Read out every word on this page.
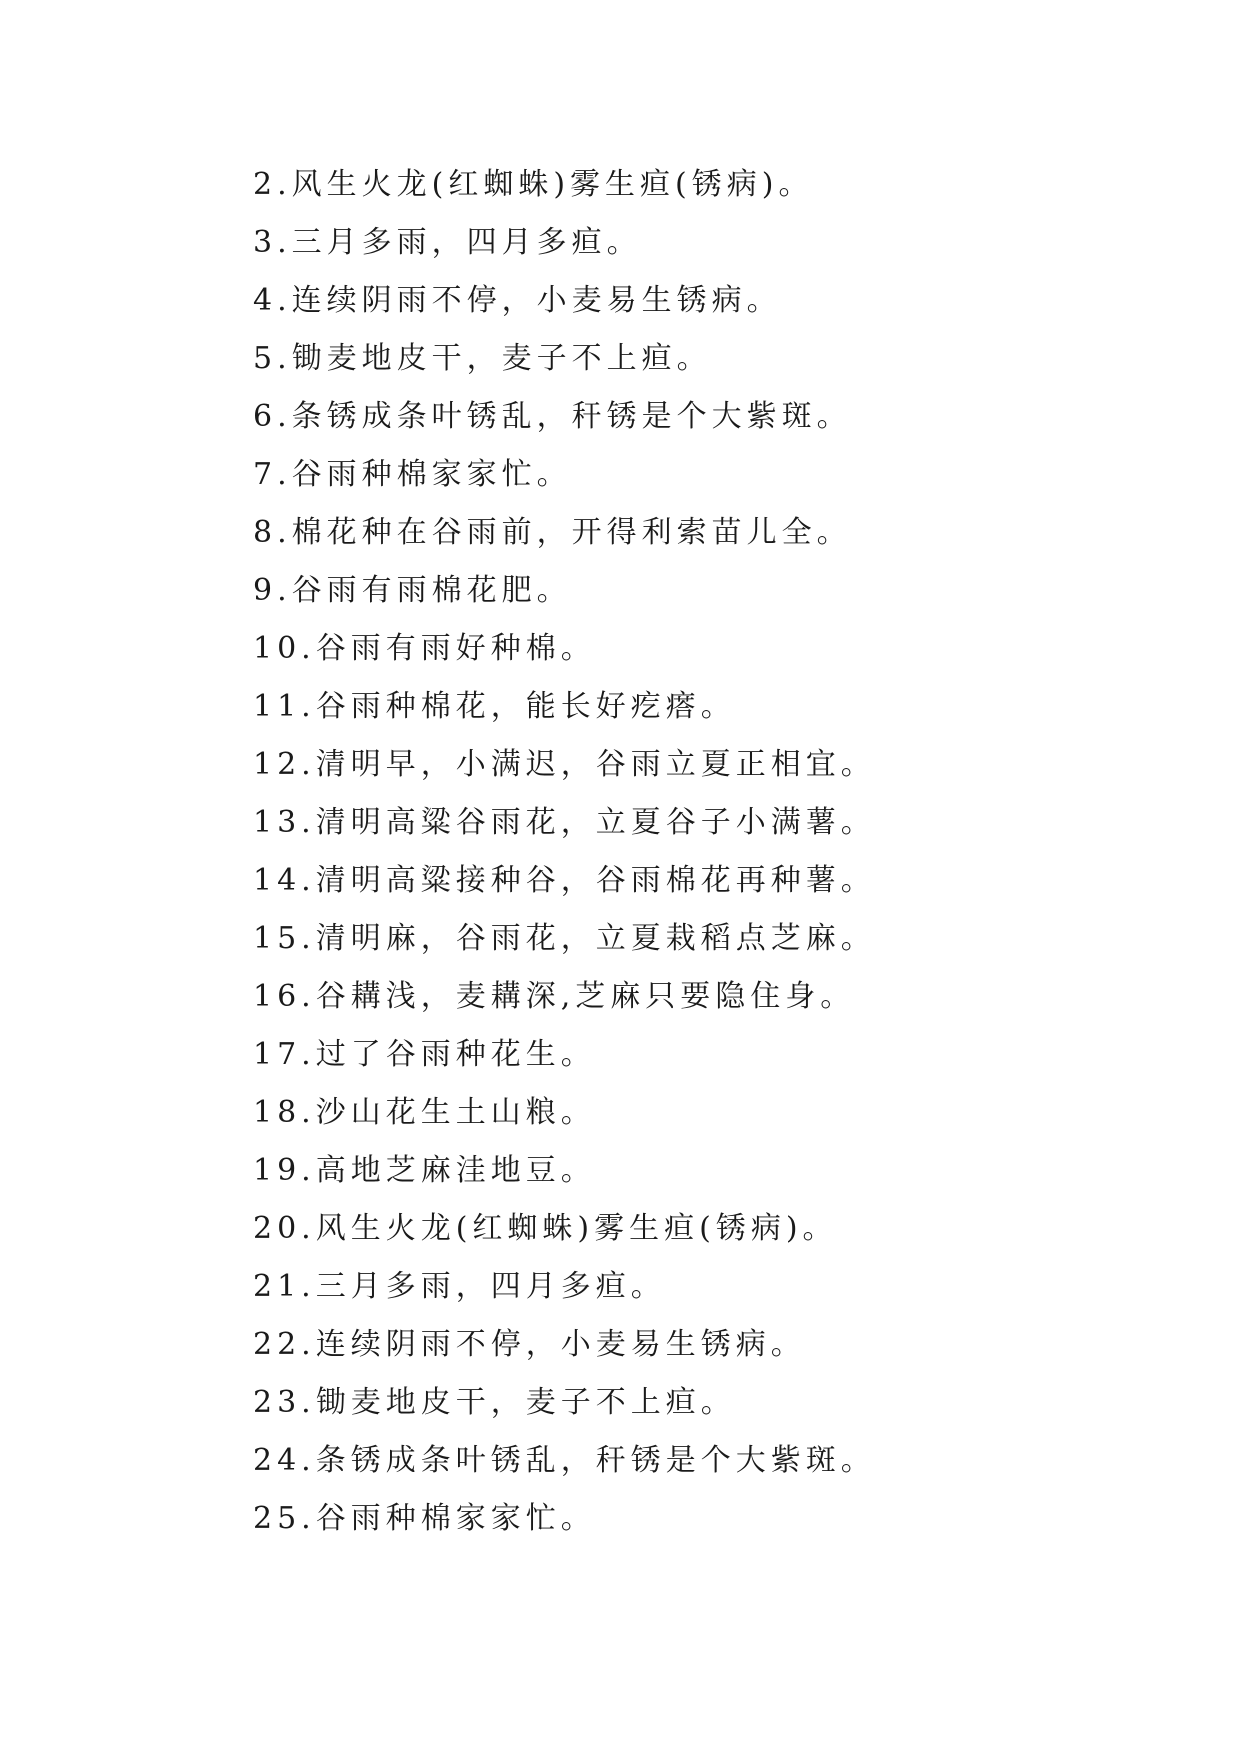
2.风生火龙(红蜘蛛)雾生疸(锈病)。
3.三月多雨，四月多疸。
4.连续阴雨不停，小麦易生锈病。
5.锄麦地皮干，麦子不上疸。
6.条锈成条叶锈乱，秆锈是个大紫斑。
7.谷雨种棉家家忙。
8.棉花种在谷雨前，开得利索苗儿全。
9.谷雨有雨棉花肥。
10.谷雨有雨好种棉。
11.谷雨种棉花，能长好疙瘩。
12.清明早，小满迟，谷雨立夏正相宜。
13.清明高粱谷雨花，立夏谷子小满薯。
14.清明高粱接种谷，谷雨棉花再种薯。
15.清明麻，谷雨花，立夏栽稻点芝麻。
16.谷耩浅，麦耩深,芝麻只要隐住身。
17.过了谷雨种花生。
18.沙山花生土山粮。
19.高地芝麻洼地豆。
20.风生火龙(红蜘蛛)雾生疸(锈病)。
21.三月多雨，四月多疸。
22.连续阴雨不停，小麦易生锈病。
23.锄麦地皮干，麦子不上疸。
24.条锈成条叶锈乱，秆锈是个大紫斑。
25.谷雨种棉家家忙。
